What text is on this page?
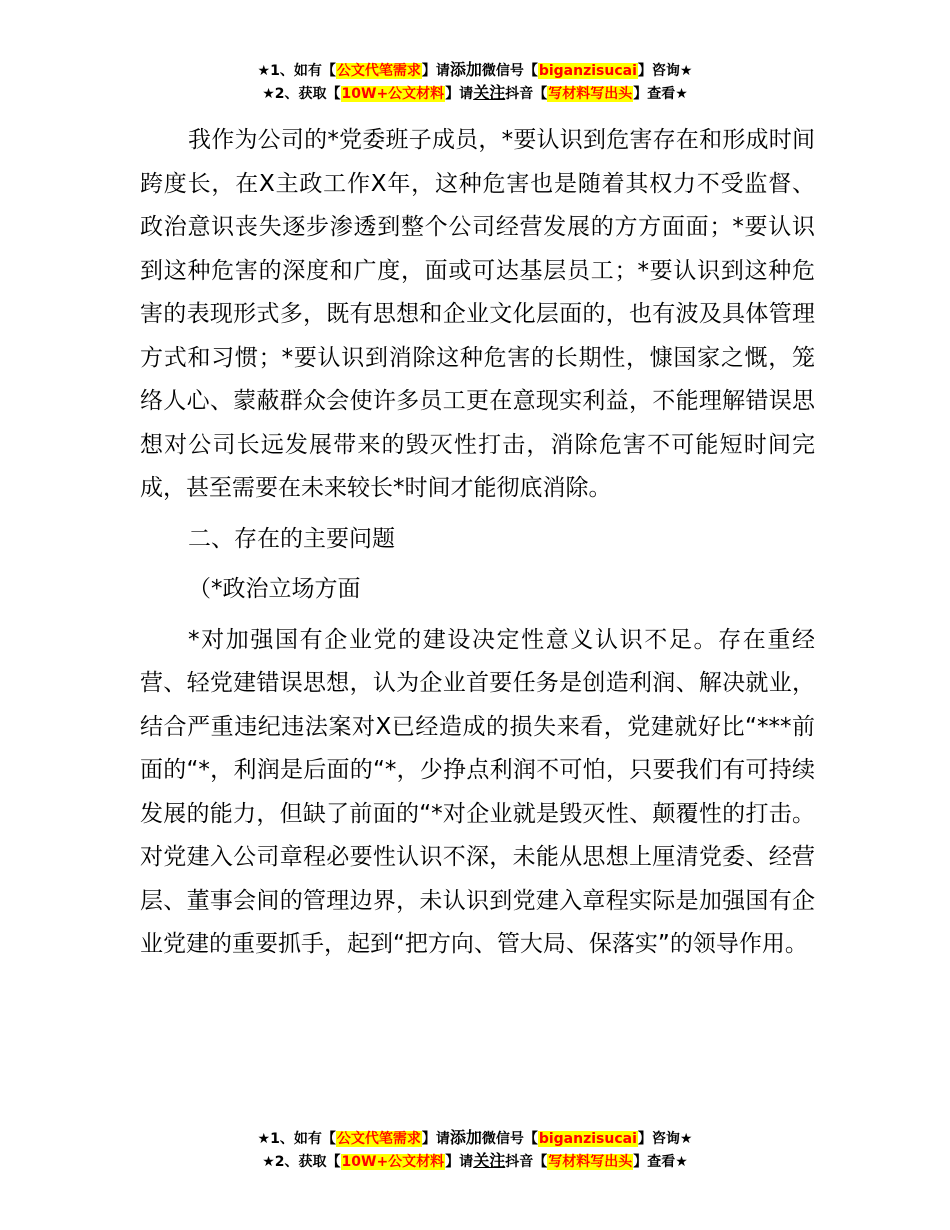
★1、如有【公文代笔需求】请添加微信号【biganzisucai】咨询★
★2、获取【10W+公文材料】请关注抖音【写材料写出头】查看★

我作为公司的*党委班子成员，*要认识到危害存在和形成时间跨度长，在Ⅹ主政工作Ⅹ年，这种危害也是随着其权力不受监督、政治意识丧失逐步渗透到整个公司经营发展的方方面面；*要认识到这种危害的深度和广度，面或可达基层员工；*要认识到这种危害的表现形式多，既有思想和企业文化层面的，也有波及具体管理方式和习惯；*要认识到消除这种危害的长期性，慷国家之慨，笼络人心、蒙蔽群众会使许多员工更在意现实利益，不能理解错误思想对公司长远发展带来的毁灭性打击，消除危害不可能短时间完成，甚至需要在未来较长*时间才能彻底消除。

二、存在的主要问题

（*政治立场方面

*对加强国有企业党的建设决定性意义认识不足。存在重经营、轻党建错误思想，认为企业首要任务是创造利润、解决就业，结合严重违纪违法案对Ⅹ已经造成的损失来看，党建就好比“***前面的“*，利润是后面的“*，少挣点利润不可怕，只要我们有可持续发展的能力，但缺了前面的“*对企业就是毁灭性、颠覆性的打击。对党建入公司章程必要性认识不深，未能从思想上厘清党委、经营层、董事会间的管理边界，未认识到党建入章程实际是加强国有企业党建的重要抓手，起到“把方向、管大局、保落实”的领导作用。

★1、如有【公文代笔需求】请添加微信号【biganzisucai】咨询★
★2、获取【10W+公文材料】请关注抖音【写材料写出头】查看★
